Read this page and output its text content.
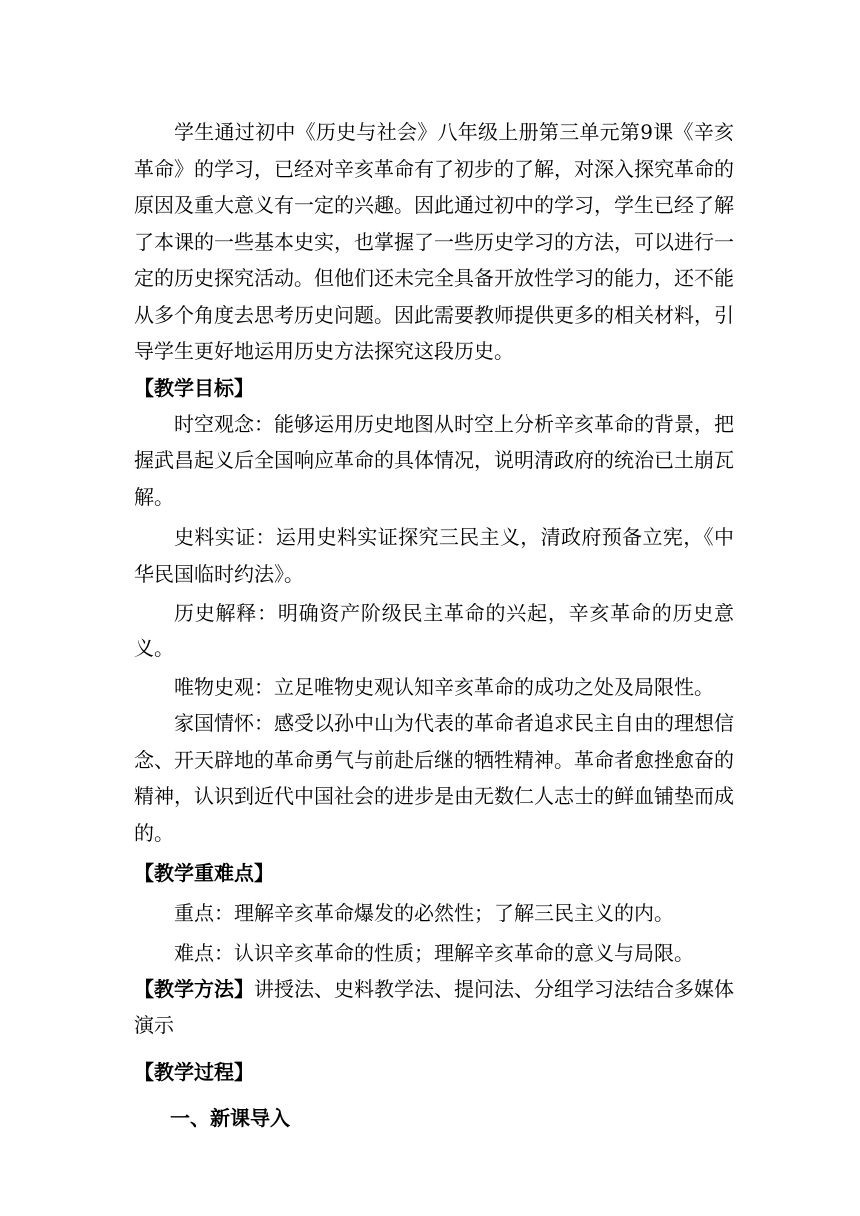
学生通过初中《历史与社会》八年级上册第三单元第9课《辛亥革命》的学习，已经对辛亥革命有了初步的了解，对深入探究革命的原因及重大意义有一定的兴趣。因此通过初中的学习，学生已经了解了本课的一些基本史实，也掌握了一些历史学习的方法，可以进行一定的历史探究活动。但他们还未完全具备开放性学习的能力，还不能从多个角度去思考历史问题。因此需要教师提供更多的相关材料，引导学生更好地运用历史方法探究这段历史。

【教学目标】

时空观念：能够运用历史地图从时空上分析辛亥革命的背景，把握武昌起义后全国响应革命的具体情况，说明清政府的统治已土崩瓦解。

史料实证：运用史料实证探究三民主义，清政府预备立宪，《中华民国临时约法》。

历史解释：明确资产阶级民主革命的兴起，辛亥革命的历史意义。

唯物史观：立足唯物史观认知辛亥革命的成功之处及局限性。

家国情怀：感受以孙中山为代表的革命者追求民主自由的理想信念、开天辟地的革命勇气与前赴后继的牺牲精神。革命者愈挫愈奋的精神，认识到近代中国社会的进步是由无数仁人志士的鲜血铺垫而成的。

【教学重难点】

重点：理解辛亥革命爆发的必然性；了解三民主义的内。

难点：认识辛亥革命的性质；理解辛亥革命的意义与局限。

【教学方法】讲授法、史料教学法、提问法、分组学习法结合多媒体演示

【教学过程】

一、新课导入
